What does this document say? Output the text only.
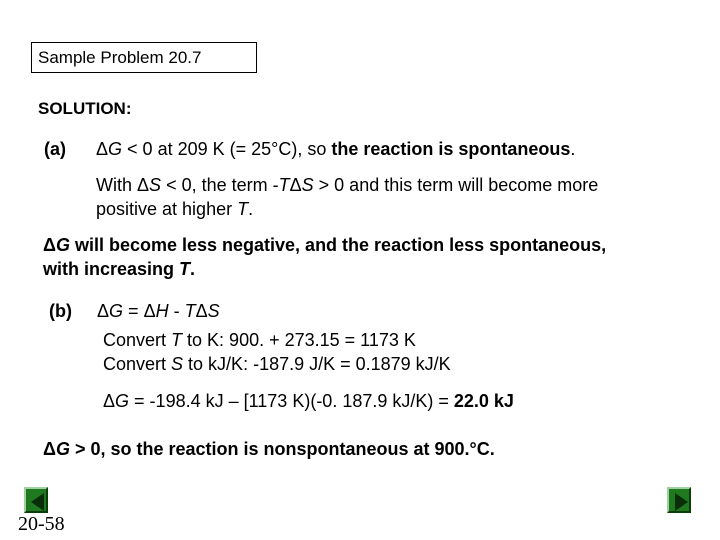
Sample Problem 20.7
SOLUTION:
(a) ΔG < 0 at 209 K (= 25°C), so the reaction is spontaneous.
With ΔS < 0, the term -TΔS > 0 and this term will become more
positive at higher T.
ΔG will become less negative, and the reaction less spontaneous,
with increasing T.
(b) ΔG = ΔH - TΔS
Convert T to K: 900. + 273.15 = 1173 K
Convert S to kJ/K: -187.9 J/K = 0.1879 kJ/K
ΔG = -198.4 kJ – [1173 K)(-0. 187.9 kJ/K) = 22.0 kJ
ΔG > 0, so the reaction is nonspontaneous at 900.°C.
20-58
